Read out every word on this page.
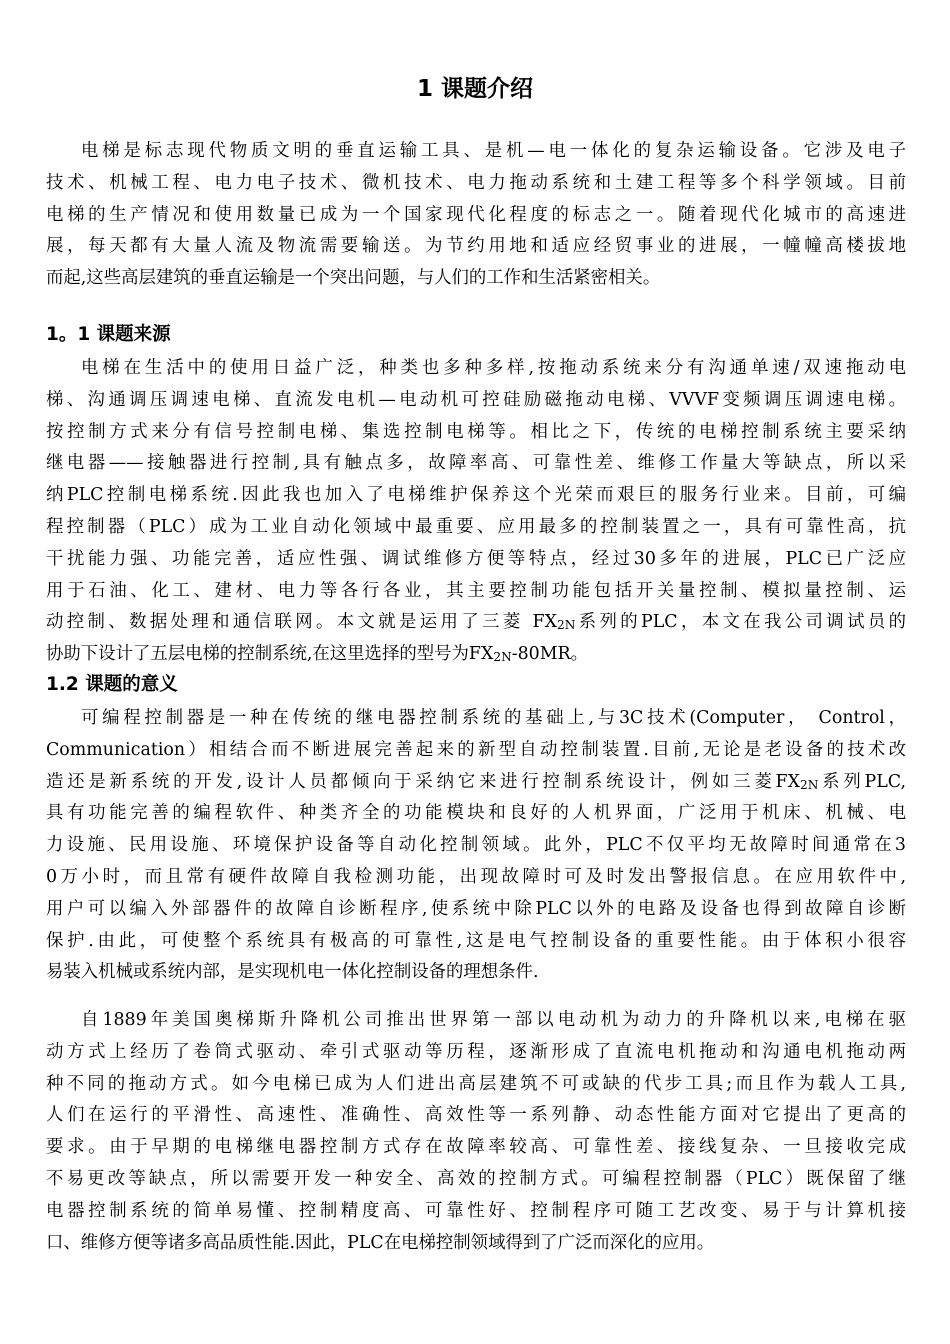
1 课题介绍
电梯是标志现代物质文明的垂直运输工具、是机—电一体化的复杂运输设备。它涉及电子
技术、机械工程、电力电子技术、微机技术、电力拖动系统和土建工程等多个科学领域。目前
电梯的生产情况和使用数量已成为一个国家现代化程度的标志之一。随着现代化城市的高速进
展，每天都有大量人流及物流需要输送。为节约用地和适应经贸事业的进展，一幢幢高楼拔地
而起,这些高层建筑的垂直运输是一个突出问题，与人们的工作和生活紧密相关。
1。1 课题来源
电梯在生活中的使用日益广泛，种类也多种多样,按拖动系统来分有沟通单速/双速拖动电
梯、沟通调压调速电梯、直流发电机—电动机可控硅励磁拖动电梯、VVVF变频调压调速电梯。
按控制方式来分有信号控制电梯、集选控制电梯等。相比之下，传统的电梯控制系统主要采纳
继电器——接触器进行控制,具有触点多，故障率高、可靠性差、维修工作量大等缺点，所以采
纳PLC控制电梯系统.因此我也加入了电梯维护保养这个光荣而艰巨的服务行业来。目前，可编
程控制器（PLC）成为工业自动化领域中最重要、应用最多的控制装置之一，具有可靠性高，抗
干扰能力强、功能完善，适应性强、调试维修方便等特点，经过30多年的进展，PLC已广泛应
用于石油、化工、建材、电力等各行各业，其主要控制功能包括开关量控制、模拟量控制、运
动控制、数据处理和通信联网。本文就是运用了三菱 FX2N系列的PLC，本文在我公司调试员的
协助下设计了五层电梯的控制系统,在这里选择的型号为FX2N-80MR。
1.2 课题的意义
可编程控制器是一种在传统的继电器控制系统的基础上,与3C技术(Computer， Control，
Communication）相结合而不断进展完善起来的新型自动控制装置.目前,无论是老设备的技术改
造还是新系统的开发,设计人员都倾向于采纳它来进行控制系统设计，例如三菱FX2N系列PLC,
具有功能完善的编程软件、种类齐全的功能模块和良好的人机界面，广泛用于机床、机械、电
力设施、民用设施、环境保护设备等自动化控制领域。此外，PLC不仅平均无故障时间通常在3
0万小时，而且常有硬件故障自我检测功能，出现故障时可及时发出警报信息。在应用软件中,
用户可以编入外部器件的故障自诊断程序,使系统中除PLC以外的电路及设备也得到故障自诊断
保护.由此，可使整个系统具有极高的可靠性,这是电气控制设备的重要性能。由于体积小很容
易装入机械或系统内部，是实现机电一体化控制设备的理想条件.
自1889年美国奥梯斯升降机公司推出世界第一部以电动机为动力的升降机以来,电梯在驱
动方式上经历了卷筒式驱动、牵引式驱动等历程，逐渐形成了直流电机拖动和沟通电机拖动两
种不同的拖动方式。如今电梯已成为人们进出高层建筑不可或缺的代步工具;而且作为载人工具,
人们在运行的平滑性、高速性、准确性、高效性等一系列静、动态性能方面对它提出了更高的
要求。由于早期的电梯继电器控制方式存在故障率较高、可靠性差、接线复杂、一旦接收完成
不易更改等缺点，所以需要开发一种安全、高效的控制方式。可编程控制器（PLC）既保留了继
电器控制系统的简单易懂、控制精度高、可靠性好、控制程序可随工艺改变、易于与计算机接
口、维修方便等诸多高品质性能.因此，PLC在电梯控制领域得到了广泛而深化的应用。
